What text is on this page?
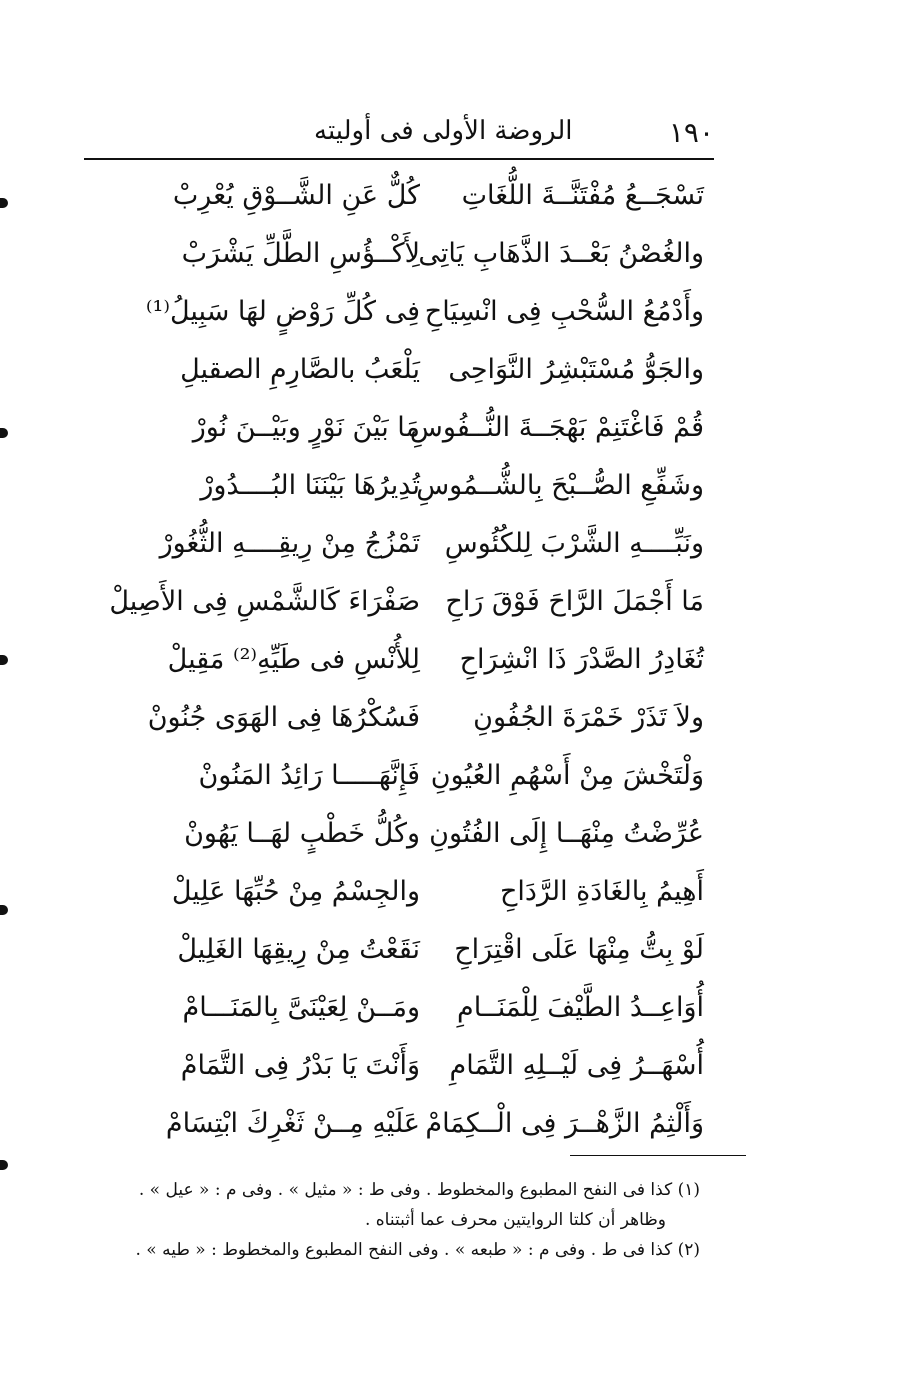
١٩٠
الروضة الأولى فى أوليته
تَسْجَــعُ مُفْتَنَّــةَ اللُّغَاتِ
كُلٌّ عَنِ الشَّــوْقِ يُعْرِبْ
والغُصْنُ بَعْــدَ الذَّهَابِ يَاتِى
لِأَكْــؤُسِ الطَّلِّ يَشْرَبْ
وأَدْمُعُ السُّحْبِ فِى انْسِيَاحِ
فِى كُلِّ رَوْضٍ لهَا سَبِيلُ⁽¹⁾
والجَوُّ مُسْتَبْشِرُ النَّوَاحِى
يَلْعَبُ بالصَّارِمِ الصقيلِ
قُمْ فَاغْتَنِمْ بَهْجَــةَ النُّــفُوسِ
مَا بَيْنَ نَوْرٍ وبَيْــنَ نُورْ
وشَفِّعِ الصُّــبْحَ بِالشُّــمُوسِ
تُدِيرُهَا بَيْنَنَا البُــــدُورْ
ونَبِّــــهِ الشَّرْبَ لِلكُئُوسِ
تَمْزُجُ مِنْ رِيقِــــهِ الثُّغُورْ
مَا أَجْمَلَ الرَّاحَ فَوْقَ رَاحِ
صَفْرَاءَ كَالشَّمْسِ فِى الأَصِيلْ
تُغَادِرُ الصَّدْرَ ذَا انْشِرَاحِ
لِلأُنْسِ فى طَيِّهِ⁽²⁾ مَقِيلْ
ولاَ تَذَرْ خَمْرَةَ الجُفُونِ
فَسُكْرُهَا فِى الهَوَى جُنُونْ
وَلْتَخْشَ مِنْ أَسْهُمِ العُيُونِ
فَإِنَّهَـــــا رَائِدُ المَنُونْ
عُرِّضْتُ مِنْهَــا إِلَى الفُتُونِ
وكُلُّ خَطْبٍ لهَــا يَهُونْ
أَهِيمُ بِالغَادَةِ الرَّدَاحِ
والجِسْمُ مِنْ حُبِّهَا عَلِيلْ
لَوْ بِتُّ مِنْهَا عَلَى اقْتِرَاحِ
نَقَعْتُ مِنْ رِيقِهَا الغَلِيلْ
أُوَاعِــدُ الطَّيْفَ لِلْمَنَــامِ
ومَــنْ لِعَيْنَىَّ بِالمَنَـــامْ
أُسْهَــرُ فِى لَيْــلِهِ التَّمَامِ
وَأَنْتَ يَا بَدْرُ فِى التَّمَامْ
وَأَلْثِمُ الزَّهْــرَ فِى الْــكِمَامْ
عَلَيْهِ مِــنْ ثَغْرِكَ ابْتِسَامْ
(١) كذا فى النفح المطبوع والمخطوط . وفى ط : « مثيل » . وفى م : « عيل » .
وظاهر أن كلتا الروايتين محرف عما أثبتناه .
(٢) كذا فى ط . وفى م : « طبعه » . وفى النفح المطبوع والمخطوط : « طيه » .
